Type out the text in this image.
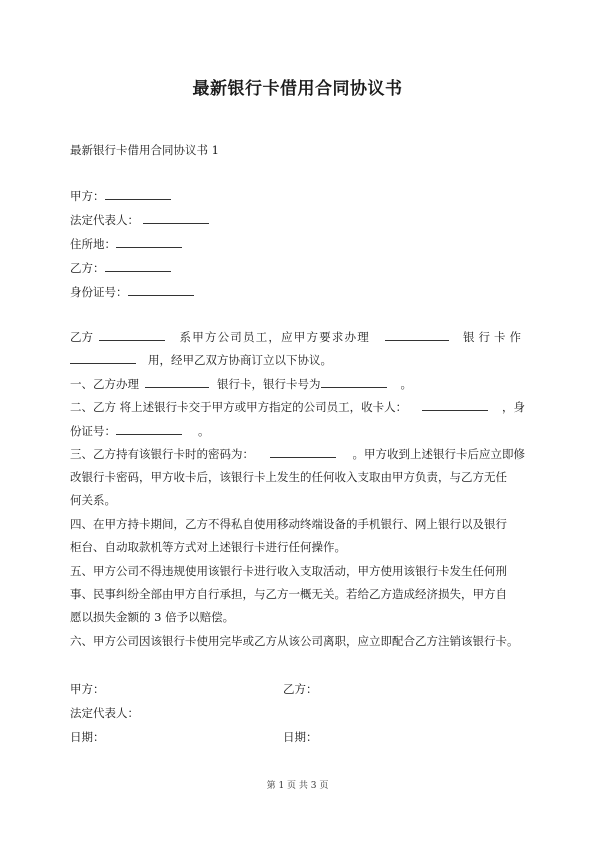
最新银行卡借用合同协议书
最新银行卡借用合同协议书 1
甲方：
法定代表人：
住所地：
乙方：
身份证号：
乙方	系甲方公司员工，应甲方要求办理	银行卡作
用，经甲乙双方协商订立以下协议。
一、乙方办理	银行卡，银行卡号为	。
二、乙方 将上述银行卡交于甲方或甲方指定的公司员工，收卡人：	，身
份证号：	。
三、乙方持有该银行卡时的密码为：	。甲方收到上述银行卡后应立即修
改银行卡密码，甲方收卡后，该银行卡上发生的任何收入支取由甲方负责，与乙方无任
何关系。
四、在甲方持卡期间，乙方不得私自使用移动终端设备的手机银行、网上银行以及银行
柜台、自动取款机等方式对上述银行卡进行任何操作。
五、甲方公司不得违规使用该银行卡进行收入支取活动，甲方使用该银行卡发生任何刑
事、民事纠纷全部由甲方自行承担，与乙方一概无关。若给乙方造成经济损失，甲方自
愿以损失金额的 3 倍予以赔偿。
六、甲方公司因该银行卡使用完毕或乙方从该公司离职，应立即配合乙方注销该银行卡。
甲方：	乙方：
法定代表人：
日期：	日期：
第 1 页 共 3 页
